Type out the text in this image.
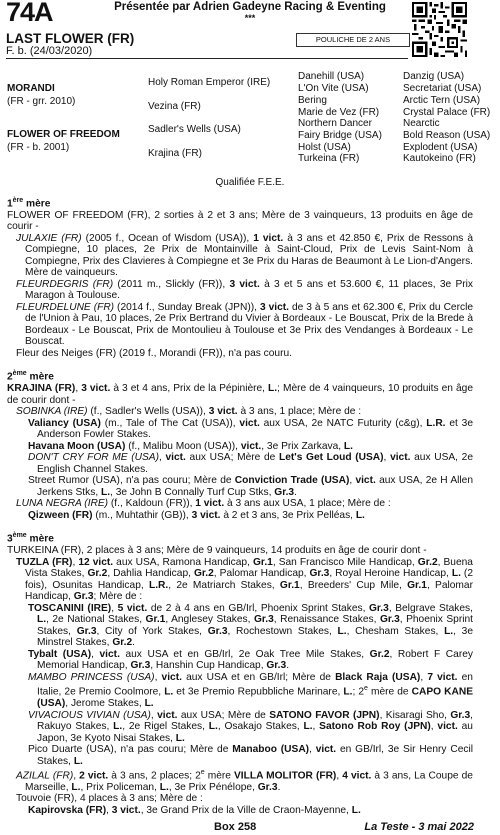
74A	Présentée par Adrien Gadeyne Racing & Eventing
***
LAST FLOWER (FR)
F. b. (24/03/2020)
POULICHE DE 2 ANS
MORANDI
(FR - grr. 2010)
FLOWER OF FREEDOM
(FR - b. 2001)
Holy Roman Emperor (IRE)
Vezina (FR)
Sadler's Wells (USA)
Krajina (FR)
Danehill (USA)
L'On Vite (USA)
Bering
Marie de Vez (FR)
Northern Dancer
Fairy Bridge (USA)
Holst (USA)
Turkeina (FR)
Danzig (USA)
Secretariat (USA)
Arctic Tern (USA)
Crystal Palace (FR)
Nearctic
Bold Reason (USA)
Explodent (USA)
Kautokeino (FR)
Qualifiée F.E.E.
1ère mère

FLOWER OF FREEDOM (FR), 2 sorties à 2 et 3 ans; Mère de 3 vainqueurs, 13 produits en âge de courir -

JULAXIE (FR) (2005 f., Ocean of Wisdom (USA)), 1 vict. à 3 ans et 42.850 €, Prix de Ressons à Compiegne, 10 places, 2e Prix de Montainville à Saint-Cloud, Prix de Levis Saint-Nom à Compiegne, Prix des Clavieres à Compiegne et 3e Prix du Haras de Beaumont à Le Lion-d'Angers. Mère de vainqueurs.

FLEURDEGRIS (FR) (2011 m., Slickly (FR)), 3 vict. à 3 et 5 ans et 53.600 €, 11 places, 3e Prix Maragon à Toulouse.

FLEURDELUNE (FR) (2014 f., Sunday Break (JPN)), 3 vict. de 3 à 5 ans et 62.300 €, Prix du Cercle de l'Union à Pau, 10 places, 2e Prix Bertrand du Vivier à Bordeaux - Le Bouscat, Prix de la Brede à Bordeaux - Le Bouscat, Prix de Montoulieu à Toulouse et 3e Prix des Vendanges à Bordeaux - Le Bouscat.

Fleur des Neiges (FR) (2019 f., Morandi (FR)), n'a pas couru.

2ème mère

KRAJINA (FR), 3 vict. à 3 et 4 ans, Prix de la Pépinière, L.; Mère de 4 vainqueurs, 10 produits en âge de courir dont -

SOBINKA (IRE) (f., Sadler's Wells (USA)), 3 vict. à 3 ans, 1 place; Mère de :

Valiancy (USA) (m., Tale of The Cat (USA)), vict. aux USA, 2e NATC Futurity (c&g), L.R. et 3e Anderson Fowler Stakes.

Havana Moon (USA) (f., Malibu Moon (USA)), vict., 3e Prix Zarkava, L.

DON'T CRY FOR ME (USA), vict. aux USA; Mère de Let's Get Loud (USA), vict. aux USA, 2e English Channel Stakes.

Street Rumor (USA), n'a pas couru; Mère de Conviction Trade (USA), vict. aux USA, 2e H Allen Jerkens Stks, L., 3e John B Connally Turf Cup Stks, Gr.3.

LUNA NEGRA (IRE) (f., Kaldoun (FR)), 1 vict. à 3 ans aux USA, 1 place; Mère de :

Qizween (FR) (m., Muhtathir (GB)), 3 vict. à 2 et 3 ans, 3e Prix Pelléas, L.

3ème mère

TURKEINA (FR), 2 places à 3 ans; Mère de 9 vainqueurs, 14 produits en âge de courir dont -

TUZLA (FR), 12 vict. aux USA, Ramona Handicap, Gr.1, San Francisco Mile Handicap, Gr.2, Buena Vista Stakes, Gr.2, Dahlia Handicap, Gr.2, Palomar Handicap, Gr.3, Royal Heroine Handicap, L. (2 fois), Osunitas Handicap, L.R., 2e Matriarch Stakes, Gr.1, Breeders' Cup Mile, Gr.1, Palomar Handicap, Gr.3; Mère de :

TOSCANINI (IRE), 5 vict. de 2 à 4 ans en GB/Irl, Phoenix Sprint Stakes, Gr.3, Belgrave Stakes, L., 2e National Stakes, Gr.1, Anglesey Stakes, Gr.3, Renaissance Stakes, Gr.3, Phoenix Sprint Stakes, Gr.3, City of York Stakes, Gr.3, Rochestown Stakes, L., Chesham Stakes, L., 3e Minstrel Stakes, Gr.2.

Tybalt (USA), vict. aux USA et en GB/Irl, 2e Oak Tree Mile Stakes, Gr.2, Robert F Carey Memorial Handicap, Gr.3, Hanshin Cup Handicap, Gr.3.

MAMBO PRINCESS (USA), vict. aux USA et en GB/Irl; Mère de Black Raja (USA), 7 vict. en Italie, 2e Premio Coolmore, L. et 3e Premio Repubbliche Marinare, L.; 2e mère de CAPO KANE (USA), Jerome Stakes, L.

VIVACIOUS VIVIAN (USA), vict. aux USA; Mère de SATONO FAVOR (JPN), Kisaragi Sho, Gr.3, Rakuyo Stakes, L., 2e Rigel Stakes, L., Osakajo Stakes, L., Satono Rob Roy (JPN), vict. au Japon, 3e Kyoto Nisai Stakes, L.

Pico Duarte (USA), n'a pas couru; Mère de Manaboo (USA), vict. en GB/Irl, 3e Sir Henry Cecil Stakes, L.

AZILAL (FR), 2 vict. à 3 ans, 2 places; 2e mère VILLA MOLITOR (FR), 4 vict. à 3 ans, La Coupe de Marseille, L., Prix Policeman, L., 3e Prix Pénélope, Gr.3.

Touvoie (FR), 4 places à 3 ans; Mère de :

Kapirovska (FR), 3 vict., 3e Grand Prix de la Ville de Craon-Mayenne, L.

Box 258	La Teste - 3 mai 2022
